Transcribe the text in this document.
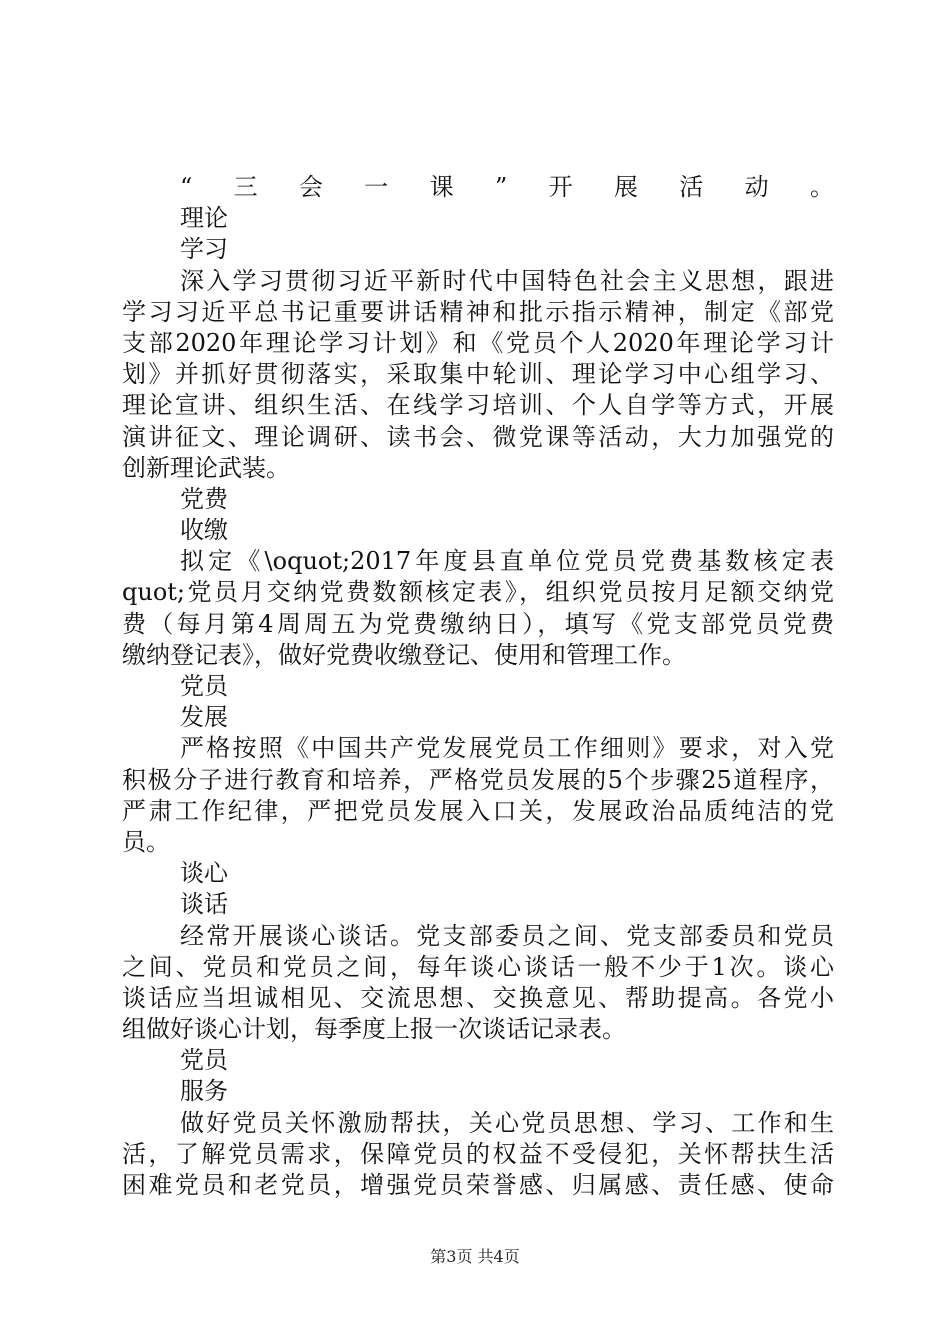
“三会一课”开展活动。
理论
学习
深入学习贯彻习近平新时代中国特色社会主义思想，跟进
学习习近平总书记重要讲话精神和批示指示精神，制定《部党
支部2020年理论学习计划》和《党员个人2020年理论学习计
划》并抓好贯彻落实，采取集中轮训、理论学习中心组学习、
理论宣讲、组织生活、在线学习培训、个人自学等方式，开展
演讲征文、理论调研、读书会、微党课等活动，大力加强党的
创新理论武装。
党费
收缴
拟定《\oquot;2017年度县直单位党员党费基数核定表
quot;党员月交纳党费数额核定表》，组织党员按月足额交纳党
费（每月第4周周五为党费缴纳日），填写《党支部党员党费
缴纳登记表》，做好党费收缴登记、使用和管理工作。
党员
发展
严格按照《中国共产党发展党员工作细则》要求，对入党
积极分子进行教育和培养，严格党员发展的5个步骤25道程序，
严肃工作纪律，严把党员发展入口关，发展政治品质纯洁的党
员。
谈心
谈话
经常开展谈心谈话。党支部委员之间、党支部委员和党员
之间、党员和党员之间，每年谈心谈话一般不少于1次。谈心
谈话应当坦诚相见、交流思想、交换意见、帮助提高。各党小
组做好谈心计划，每季度上报一次谈话记录表。
党员
服务
做好党员关怀激励帮扶，关心党员思想、学习、工作和生
活，了解党员需求，保障党员的权益不受侵犯，关怀帮扶生活
困难党员和老党员，增强党员荣誉感、归属感、责任感、使命
第3页 共4页
